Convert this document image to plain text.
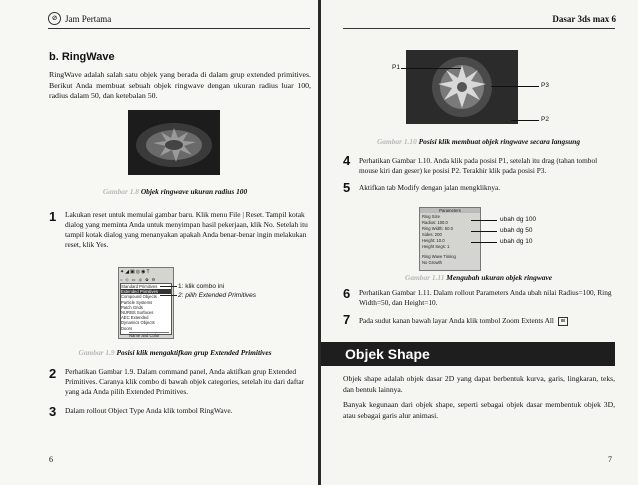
⊘ Jam Pertama
b. RingWave
RingWave adalah salah satu objek yang berada di dalam grup extended primitives. Berikut Anda membuat sebuah objek ringwave dengan ukuran radius luar 100, radius dalam 50, dan ketebalan 50.
Gambar 1.8 Objek ringwave ukuran radius 100
1 Lakukan reset untuk memulai gambar baru. Klik menu File | Reset. Tampil kotak dialog yang meminta Anda untuk menyimpan hasil pekerjaan, klik No. Setelah itu tampil kotak dialog yang menanyakan apakah Anda benar-benar ingin melakukan reset, klik Yes.
✦◢▣◎◉T
○ ◇ ▭ ◎ ✿ ⚙
Standard Primitives
Extended Primitives
Compound Objects
Particle Systems
Patch Grids
NURBS Surfaces
AEC Extended
Dynamics Objects
Doors
Name and Color
1: klik combo ini
2: pilih Extended Primitives
Gambar 1.9 Posisi klik mengaktifkan grup Extended Primitives
2 Perhatikan Gambar 1.9. Dalam command panel, Anda aktifkan grup Extended Primitives. Caranya klik combo di bawah objek categories, setelah itu dari daftar yang ada Anda pilih Extended Primitives.
3 Dalam rollout Object Type Anda klik tombol RingWave.
6
Dasar 3ds max 6
P1
P3
P2
Gambar 1.10 Posisi klik membuat objek ringwave secara langsung
4 Perhatikan Gambar 1.10. Anda klik pada posisi P1, setelah itu drag (tahan tombol mouse kiri dan geser) ke posisi P2. Terakhir klik pada posisi P3.
5 Aktifkan tab Modify dengan jalan mengkliknya.
Parameters
Ring Size
Radius: 100.0
Ring Width: 50.0
Sides: 200
Height: 10.0
Height Segs: 1
Ring Wave Timing
No Growth
ubah dg 100
ubah dg 50
ubah dg 10
Gambar 1.11 Mengubah ukuran objek ringwave
6 Perhatikan Gambar 1.11. Dalam rollout Parameters Anda ubah nilai Radius=100, Ring Width=50, dan Height=10.
7 Pada sudut kanan bawah layar Anda klik tombol Zoom Extents All ⊞
Objek Shape
Objek shape adalah objek dasar 2D yang dapat berbentuk kurva, garis, lingkaran, teks, dan bentuk lainnya.
Banyak kegunaan dari objek shape, seperti sebagai objek dasar membentuk objek 3D, atau sebagai garis alur animasi.
7
